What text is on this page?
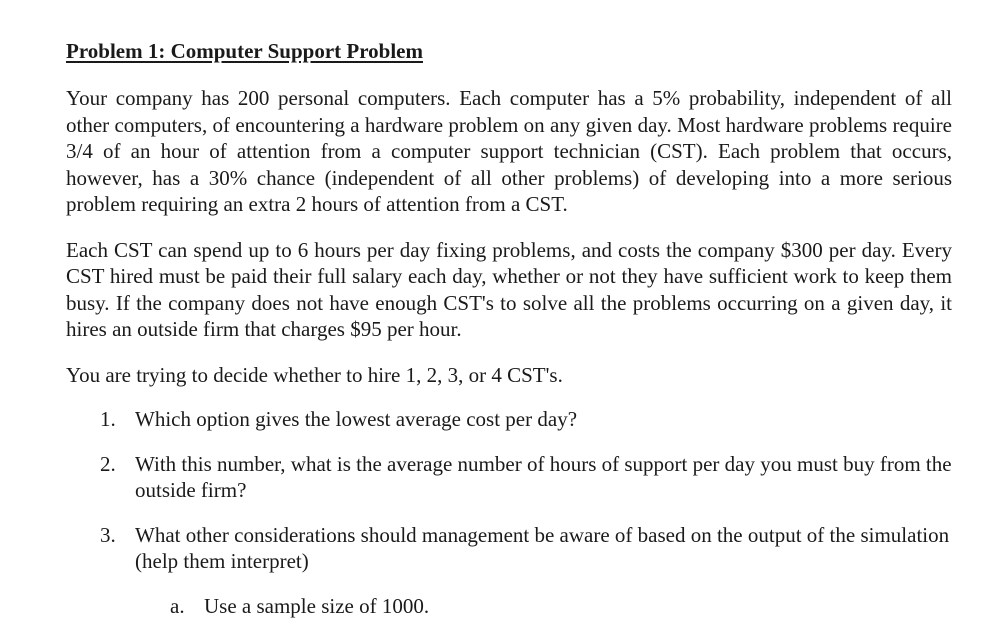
Problem 1: Computer Support Problem

Your company has 200 personal computers. Each computer has a 5% probability, independent of all other computers, of encountering a hardware problem on any given day. Most hardware problems require 3/4 of an hour of attention from a computer support technician (CST). Each problem that occurs, however, has a 30% chance (independent of all other problems) of developing into a more serious problem requiring an extra 2 hours of attention from a CST.

Each CST can spend up to 6 hours per day fixing problems, and costs the company $300 per day. Every CST hired must be paid their full salary each day, whether or not they have sufficient work to keep them busy. If the company does not have enough CST's to solve all the problems occurring on a given day, it hires an outside firm that charges $95 per hour.

You are trying to decide whether to hire 1, 2, 3, or 4 CST's.

1. Which option gives the lowest average cost per day?
2. With this number, what is the average number of hours of support per day you must buy from the outside firm?
3. What other considerations should management be aware of based on the output of the simulation (help them interpret)
a. Use a sample size of 1000.
